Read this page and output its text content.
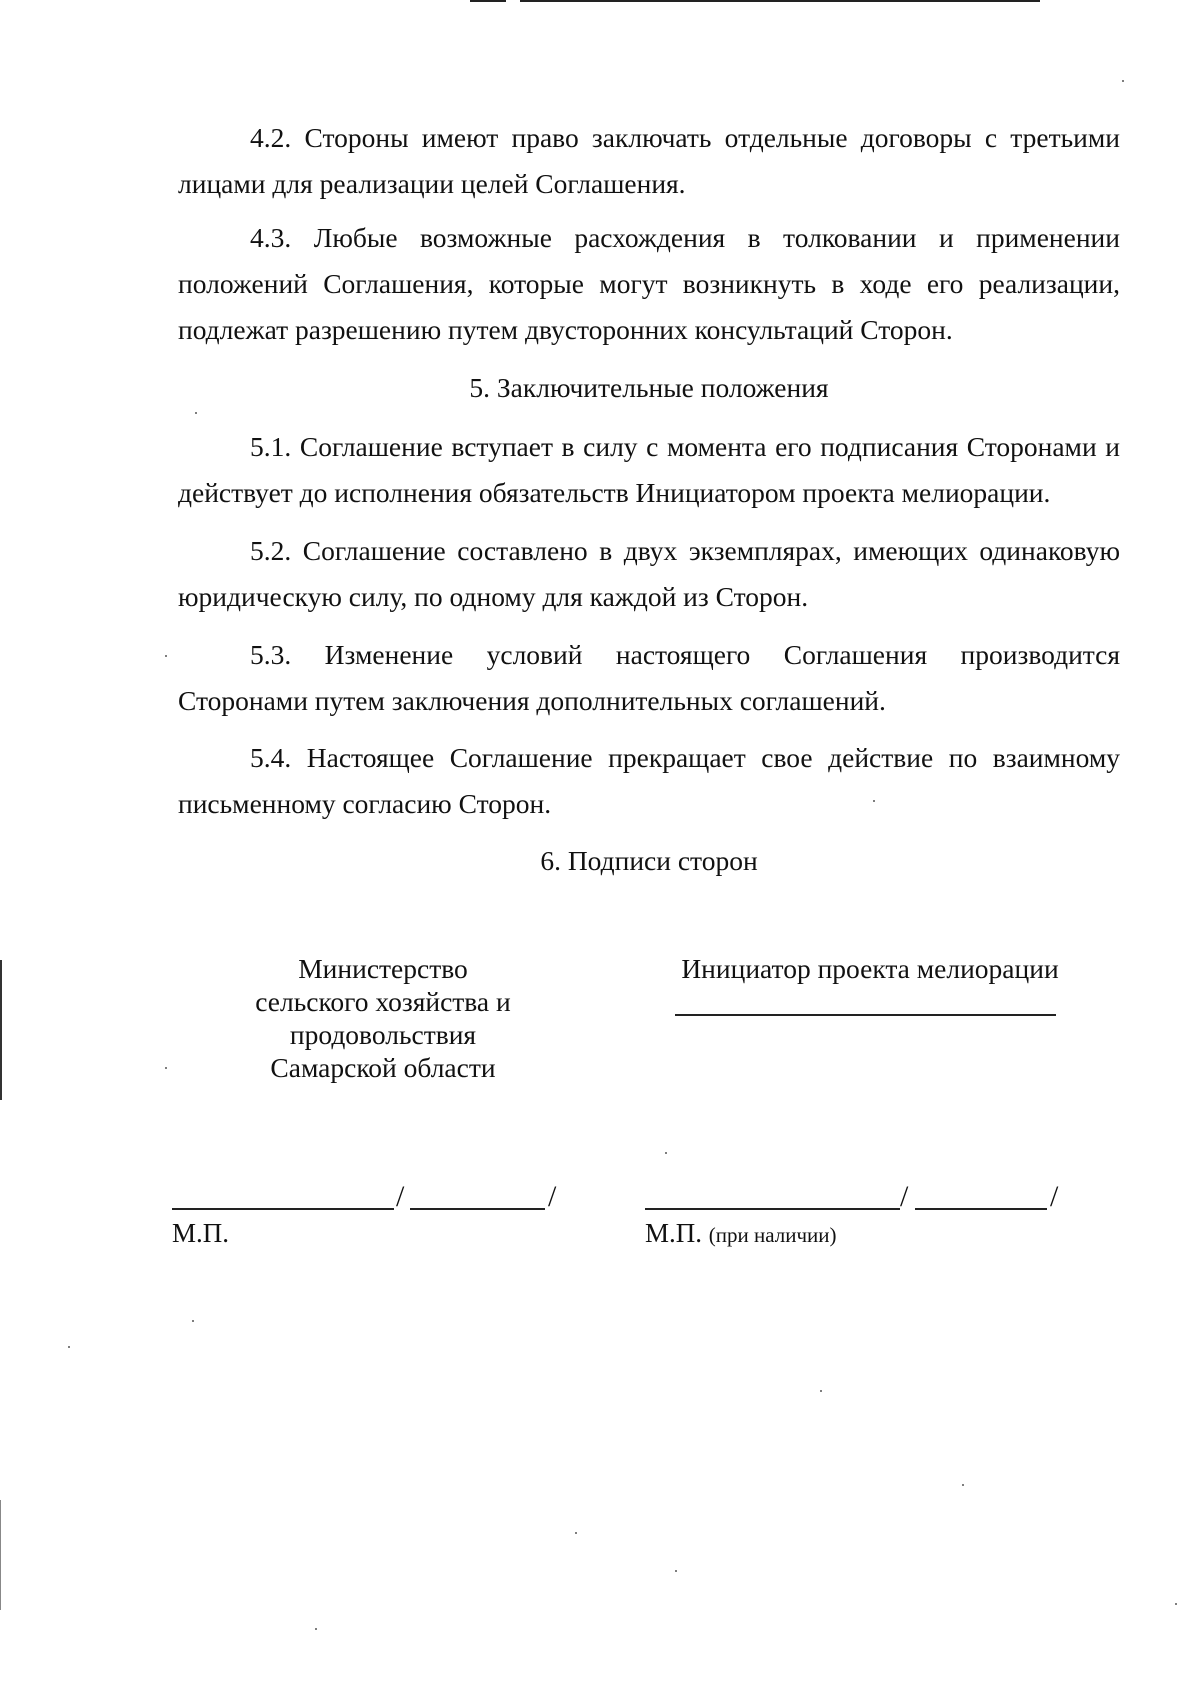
4.2. Стороны имеют право заключать отдельные договоры с третьими лицами для реализации целей Соглашения.

4.3. Любые возможные расхождения в толковании и применении положений Соглашения, которые могут возникнуть в ходе его реализации, подлежат разрешению путем двусторонних консультаций Сторон.

5. Заключительные положения

5.1. Соглашение вступает в силу с момента его подписания Сторонами и действует до исполнения обязательств Инициатором проекта мелиорации.

5.2. Соглашение составлено в двух экземплярах, имеющих одинаковую юридическую силу, по одному для каждой из Сторон.

5.3. Изменение условий настоящего Соглашения производится Сторонами путем заключения дополнительных соглашений.

5.4. Настоящее Соглашение прекращает свое действие по взаимному письменному согласию Сторон.

6. Подписи сторон
Министерство
сельского хозяйства и
продовольствия
Самарской области
Инициатор проекта мелиорации
/	/
М.П.
/	/
М.П. (при наличии)
